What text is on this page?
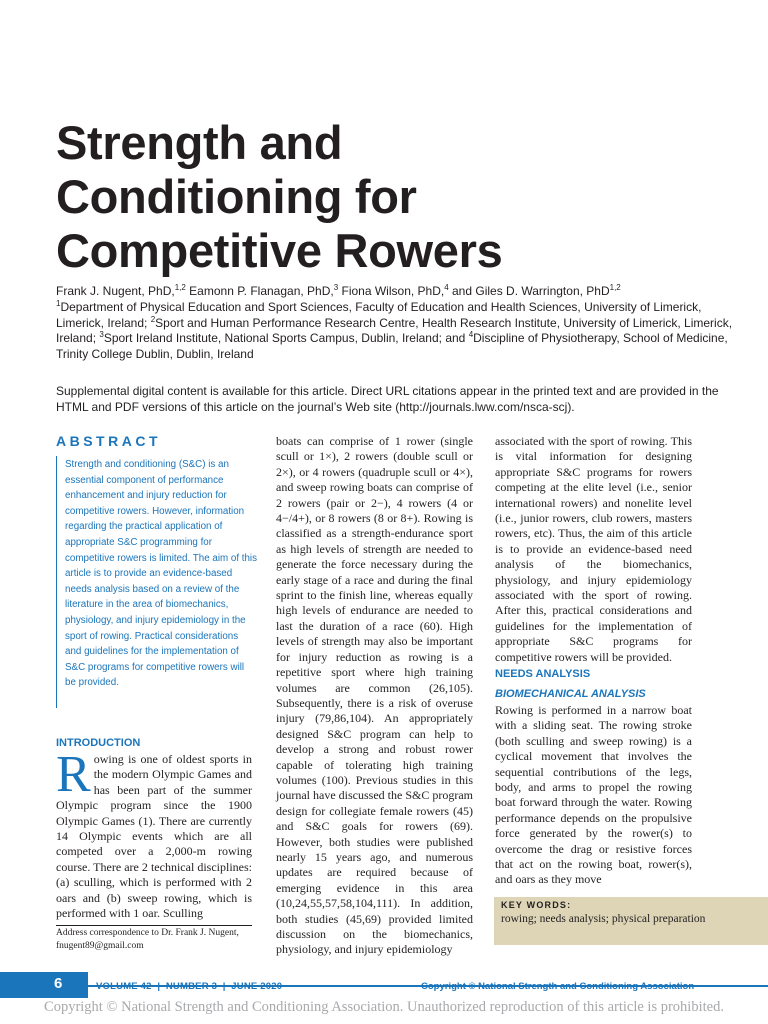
Strength and
Conditioning for
Competitive Rowers
Frank J. Nugent, PhD,$^{1,2}$ Eamonn P. Flanagan, PhD,$^3$ Fiona Wilson, PhD,$^4$ and Giles D. Warrington, PhD$^{1,2}$
$^1$Department of Physical Education and Sport Sciences, Faculty of Education and Health Sciences, University of Limerick, Limerick, Ireland; $^2$Sport and Human Performance Research Centre, Health Research Institute, University of Limerick, Limerick, Ireland; $^3$Sport Ireland Institute, National Sports Campus, Dublin, Ireland; and $^4$Discipline of Physiotherapy, School of Medicine, Trinity College Dublin, Dublin, Ireland

Supplemental digital content is available for this article. Direct URL citations appear in the printed text and are provided in the HTML and PDF versions of this article on the journal’s Web site (http://journals.lww.com/nsca-scj).

ABSTRACT

Strength and conditioning (S&C) is an essential component of performance enhancement and injury reduction for competitive rowers. However, information regarding the practical application of appropriate S&C programming for competitive rowers is limited. The aim of this article is to provide an evidence-based needs analysis based on a review of the literature in the area of biomechanics, physiology, and injury epidemiology in the sport of rowing. Practical considerations and guidelines for the implementation of S&C programs for competitive rowers will be provided.

INTRODUCTION

Rowing is one of oldest sports in the modern Olympic Games and has been part of the summer Olympic program since the 1900 Olympic Games (1). There are currently 14 Olympic events which are all competed over a 2,000-m rowing course. There are 2 technical disciplines: (a) sculling, which is performed with 2 oars and (b) sweep rowing, which is performed with 1 oar. Sculling

Address correspondence to Dr. Frank J. Nugent, fnugent89@gmail.com

boats can comprise of 1 rower (single scull or 1×), 2 rowers (double scull or 2×), or 4 rowers (quadruple scull or 4×), and sweep rowing boats can comprise of 2 rowers (pair or 2−), 4 rowers (4 or 4−/4+), or 8 rowers (8 or 8+). Rowing is classified as a strength-endurance sport as high levels of strength are needed to generate the force necessary during the early stage of a race and during the final sprint to the finish line, whereas equally high levels of endurance are needed to last the duration of a race (60). High levels of strength may also be important for injury reduction as rowing is a repetitive sport where high training volumes are common (26,105). Subsequently, there is a risk of overuse injury (79,86,104). An appropriately designed S&C program can help to develop a strong and robust rower capable of tolerating high training volumes (100). Previous studies in this journal have discussed the S&C program design for collegiate female rowers (45) and S&C goals for rowers (69). However, both studies were published nearly 15 years ago, and numerous updates are required because of emerging evidence in this area (10,24,55,57,58,104,111). In addition, both studies (45,69) provided limited discussion on the biomechanics, physiology, and injury epidemiology

associated with the sport of rowing. This is vital information for designing appropriate S&C programs for rowers competing at the elite level (i.e., senior international rowers) and nonelite level (i.e., junior rowers, club rowers, masters rowers, etc). Thus, the aim of this article is to provide an evidence-based need analysis of the biomechanics, physiology, and injury epidemiology associated with the sport of rowing. After this, practical considerations and guidelines for the implementation of appropriate S&C programs for competitive rowers will be provided.

NEEDS ANALYSIS
BIOMECHANICAL ANALYSIS

Rowing is performed in a narrow boat with a sliding seat. The rowing stroke (both sculling and sweep rowing) is a cyclical movement that involves the sequential contributions of the legs, body, and arms to propel the rowing boat forward through the water. Rowing performance depends on the propulsive force generated by the rower(s) to overcome the drag or resistive forces that act on the rowing boat, rower(s), and oars as they move

KEY WORDS:
rowing; needs analysis; physical preparation
6	VOLUME 42  |  NUMBER 3  |  JUNE 2020	Copyright © National Strength and Conditioning Association
Copyright © National Strength and Conditioning Association. Unauthorized reproduction of this article is prohibited.
